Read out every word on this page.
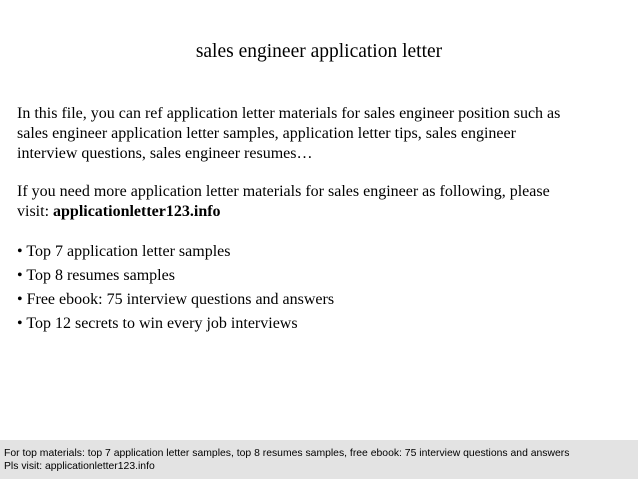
sales engineer application letter
In this file, you can ref application letter materials for sales engineer position such as
sales engineer application letter samples, application letter tips, sales engineer
interview questions, sales engineer resumes…
If you need more application letter materials for sales engineer as following, please
visit: applicationletter123.info
• Top 7 application letter samples
• Top 8 resumes samples
• Free ebook: 75 interview questions and answers
• Top 12 secrets to win every job interviews
For top materials: top 7 application letter samples, top 8 resumes samples, free ebook: 75 interview questions and answers
Pls visit: applicationletter123.info
